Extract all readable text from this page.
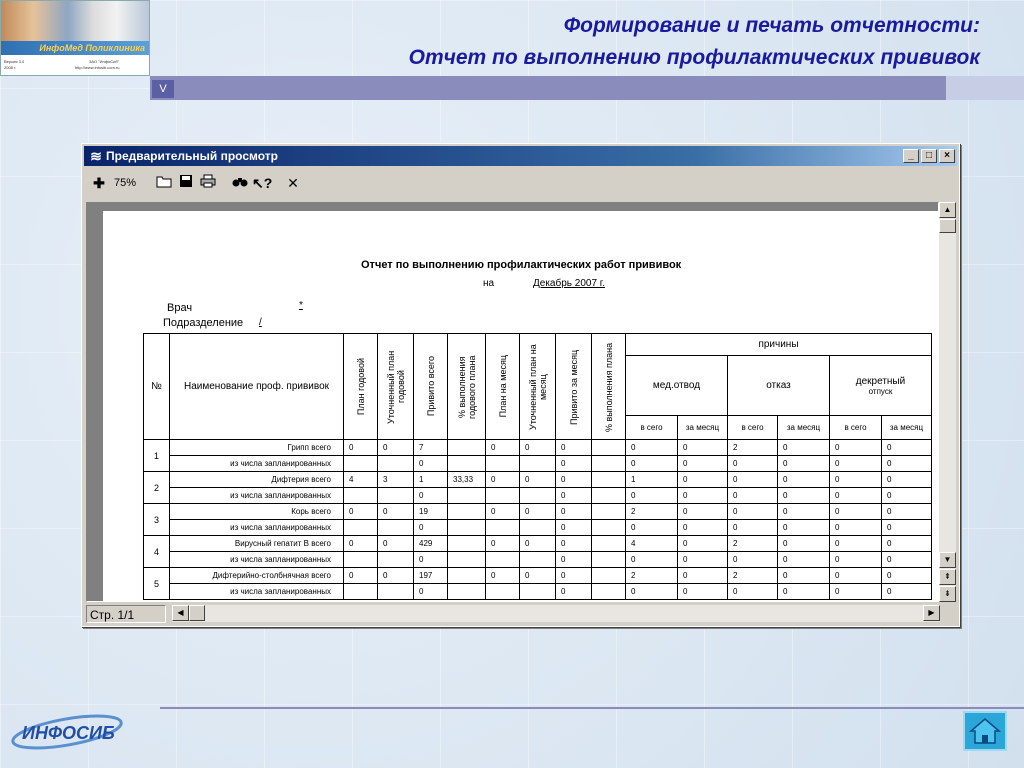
ИнфоМед Поликлиника
Версия 3.0
2008 г.
ЗАО "ИнфоСиб"
http://www.infosib.com.ru
Формирование и печать отчетности:
Отчет по выполнению профилактических прививок
V
≋ Предварительный просмотр	_	□	×
✚ 75%	↖? ✕
Отчет по выполнению профилактических работ прививок
на	Декабрь 2007 г.
Врач	*
Подразделение /
№	Наименование проф. прививок	План годовой	Уточненный план годовой	Привито всего	% выполнения годового плана	План на месяц	Уточненный план на месяц	Привито за месяц	% выполнения плана	причины					
										мед.отвод		отказ		декретный
отпуск	

										в сего	за месяц	в сего	за месяц	в сего	за месяц
1	Грипп всего	0	0	7		0	0	0		0	0	2	0	0	0
	из числа запланированных			0				0		0	0	0	0	0	0
2	Дифтерия всего	4	3	1	33,33	0	0	0		1	0	0	0	0	0
	из числа запланированных			0				0		0	0	0	0	0	0
3	Корь всего	0	0	19		0	0	0		2	0	0	0	0	0
	из числа запланированных			0				0		0	0	0	0	0	0
4	Вирусный гепатит В всего	0	0	429		0	0	0		4	0	2	0	0	0
	из числа запланированных			0				0		0	0	0	0	0	0
5	Дифтерийно-столбнячная всего	0	0	197		0	0	0		2	0	2	0	0	0
	из числа запланированных			0				0		0	0	0	0	0	0
▲
▼
⇞
⇟
Стр. 1/1	◀	▶
ИНФОСИБ
